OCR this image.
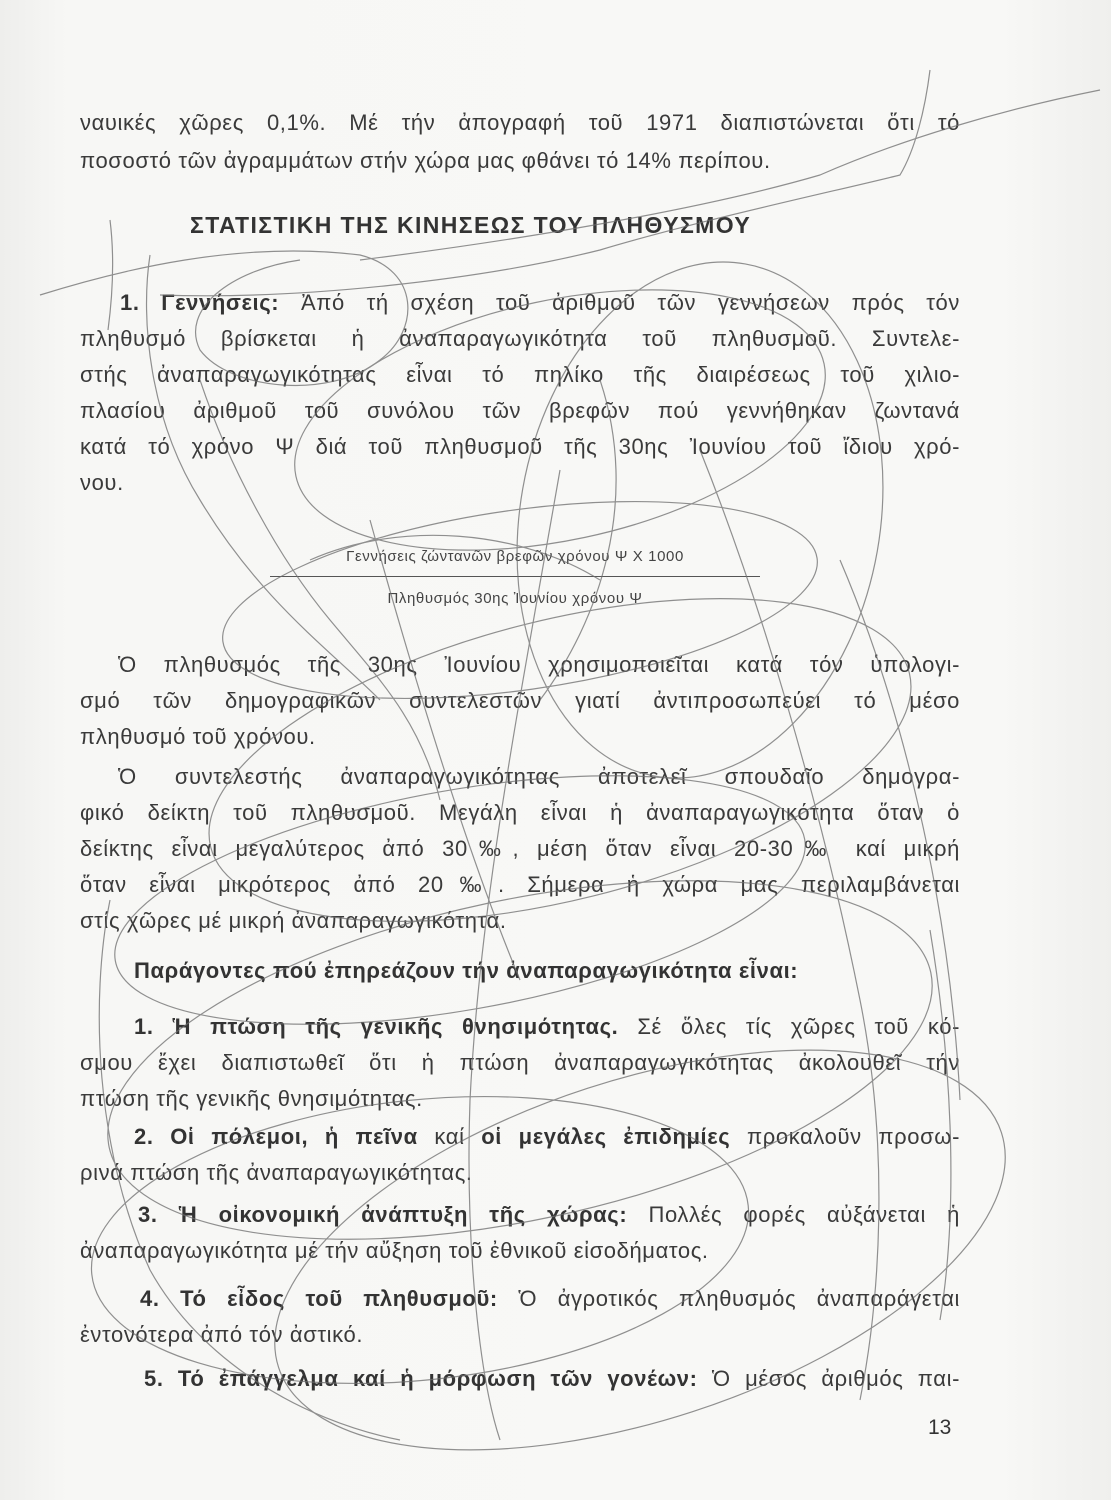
ναυικές χῶρες 0,1%. Μέ τήν ἀπογραφή τοῦ 1971 διαπιστώνεται ὅτι τό
ποσοστό τῶν ἀγραμμάτων στήν χώρα μας φθάνει τό 14% περίπου.
ΣΤΑΤΙΣΤΙΚΗ ΤΗΣ ΚΙΝΗΣΕΩΣ ΤΟΥ ΠΛΗΘΥΣΜΟΥ
1. Γεννήσεις: Ἀπό τή σχέση τοῦ ἀριθμοῦ τῶν γεννήσεων πρός τόν
πληθυσμό βρίσκεται ἡ ἀναπαραγωγικότητα τοῦ πληθυσμοῦ. Συντελε-
στής ἀναπαραγωγικότητας εἶναι τό πηλίκο τῆς διαιρέσεως τοῦ χιλιο-
πλασίου ἀριθμοῦ τοῦ συνόλου τῶν βρεφῶν πού γεννήθηκαν ζωντανά
κατά τό χρόνο Ψ διά τοῦ πληθυσμοῦ τῆς 30ης Ἰουνίου τοῦ ἴδιου χρό-
νου.
Γεννήσεις ζώντανῶν βρεφῶν χρόνου Ψ Χ 1000
Πληθυσμός 30ης Ἰουνίου χρόνου Ψ
Ὁ πληθυσμός τῆς 30ης Ἰουνίου χρησιμοποιεῖται κατά τόν ὑπολογι-
σμό τῶν δημογραφικῶν συντελεστῶν γιατί ἀντιπροσωπεύει τό μέσο
πληθυσμό τοῦ χρόνου.
Ὁ συντελεστής ἀναπαραγωγικότητας ἀποτελεῖ σπουδαῖο δημογρα-
φικό δείκτη τοῦ πληθυσμοῦ. Μεγάλη εἶναι ἡ ἀναπαραγωγικότητα ὅταν ὁ
δείκτης εἶναι μεγαλύτερος ἀπό 30‰, μέση ὅταν εἶναι 20-30‰ καί μικρή
ὅταν εἶναι μικρότερος ἀπό 20‰. Σήμερα ἡ χώρα μας περιλαμβάνεται
στίς χῶρες μέ μικρή ἀναπαραγωγικότητα.
Παράγοντες πού ἐπηρεάζουν τήν ἀναπαραγωγικότητα εἶναι:
1. Ἡ πτώση τῆς γενικῆς θνησιμότητας. Σέ ὅλες τίς χῶρες τοῦ κό-
σμου ἔχει διαπιστωθεῖ ὅτι ἡ πτώση ἀναπαραγωγικότητας ἀκολουθεῖ τήν
πτώση τῆς γενικῆς θνησιμότητας.
2. Οἱ πόλεμοι, ἡ πεῖνα καί οἱ μεγάλες ἐπιδημίες προκαλοῦν προσω-
ρινά πτώση τῆς ἀναπαραγωγικότητας.
3. Ἡ οἰκονομική ἀνάπτυξη τῆς χώρας: Πολλές φορές αὐξάνεται ἡ
ἀναπαραγωγικότητα μέ τήν αὔξηση τοῦ ἐθνικοῦ εἰσοδήματος.
4. Τό εἶδος τοῦ πληθυσμοῦ: Ὁ ἀγροτικός πληθυσμός ἀναπαράγεται
ἐντονότερα ἀπό τόν ἀστικό.
5. Τό ἐπάγγελμα καί ἡ μόρφωση τῶν γονέων: Ὁ μέσος ἀριθμός παι-
13
